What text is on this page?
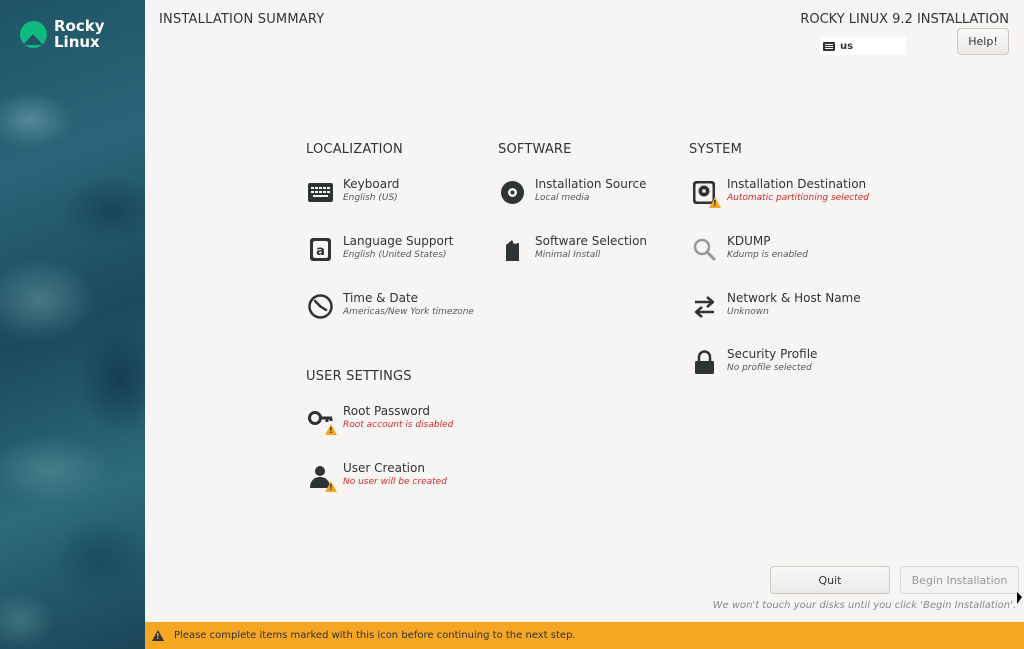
Rocky
Linux
INSTALLATION SUMMARY	ROCKY LINUX 9.2 INSTALLATION
us	Help!
LOCALIZATION
Keyboard
English (US)
a
Language Support
English (United States)
Time & Date
Americas/New York timezone
SOFTWARE
Installation Source
Local media
Software Selection
Minimal Install
SYSTEM
!
Installation Destination
Automatic partitioning selected
KDUMP
Kdump is enabled
Network & Host Name
Unknown
Security Profile
No profile selected
USER SETTINGS
!
Root Password
Root account is disabled
!
User Creation
No user will be created
Quit	Begin Installation
We won't touch your disks until you click 'Begin Installation'.
!
Please complete items marked with this icon before continuing to the next step.
